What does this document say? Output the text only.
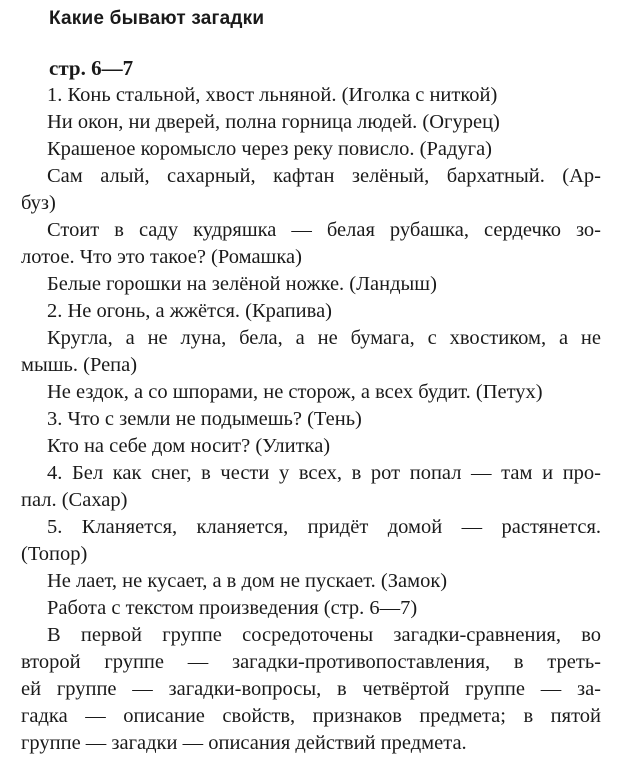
Какие бывают загадки
стр. 6—7
1. Конь стальной, хвост льняной. (Иголка с ниткой)
Ни окон, ни дверей, полна горница людей. (Огурец)
Крашеное коромысло через реку повисло. (Радуга)
Сам алый, сахарный, кафтан зелёный, бархатный. (Ар-
буз)
Стоит в саду кудряшка — белая рубашка, сердечко зо-
лотое. Что это такое? (Ромашка)
Белые горошки на зелёной ножке. (Ландыш)
2. Не огонь, а жжётся. (Крапива)
Кругла, а не луна, бела, а не бумага, с хвостиком, а не
мышь. (Репа)
Не ездок, а со шпорами, не сторож, а всех будит. (Петух)
3. Что с земли не подымешь? (Тень)
Кто на себе дом носит? (Улитка)
4. Бел как снег, в чести у всех, в рот попал — там и про-
пал. (Сахар)
5. Кланяется, кланяется, придёт домой — растянется.
(Топор)
Не лает, не кусает, а в дом не пускает. (Замок)
Работа с текстом произведения (стр. 6—7)
В первой группе сосредоточены загадки-сравнения, во
второй группе — загадки-противопоставления, в треть-
ей группе — загадки-вопросы, в четвёртой группе — за-
гадка — описание свойств, признаков предмета; в пятой
группе — загадки — описания действий предмета.
